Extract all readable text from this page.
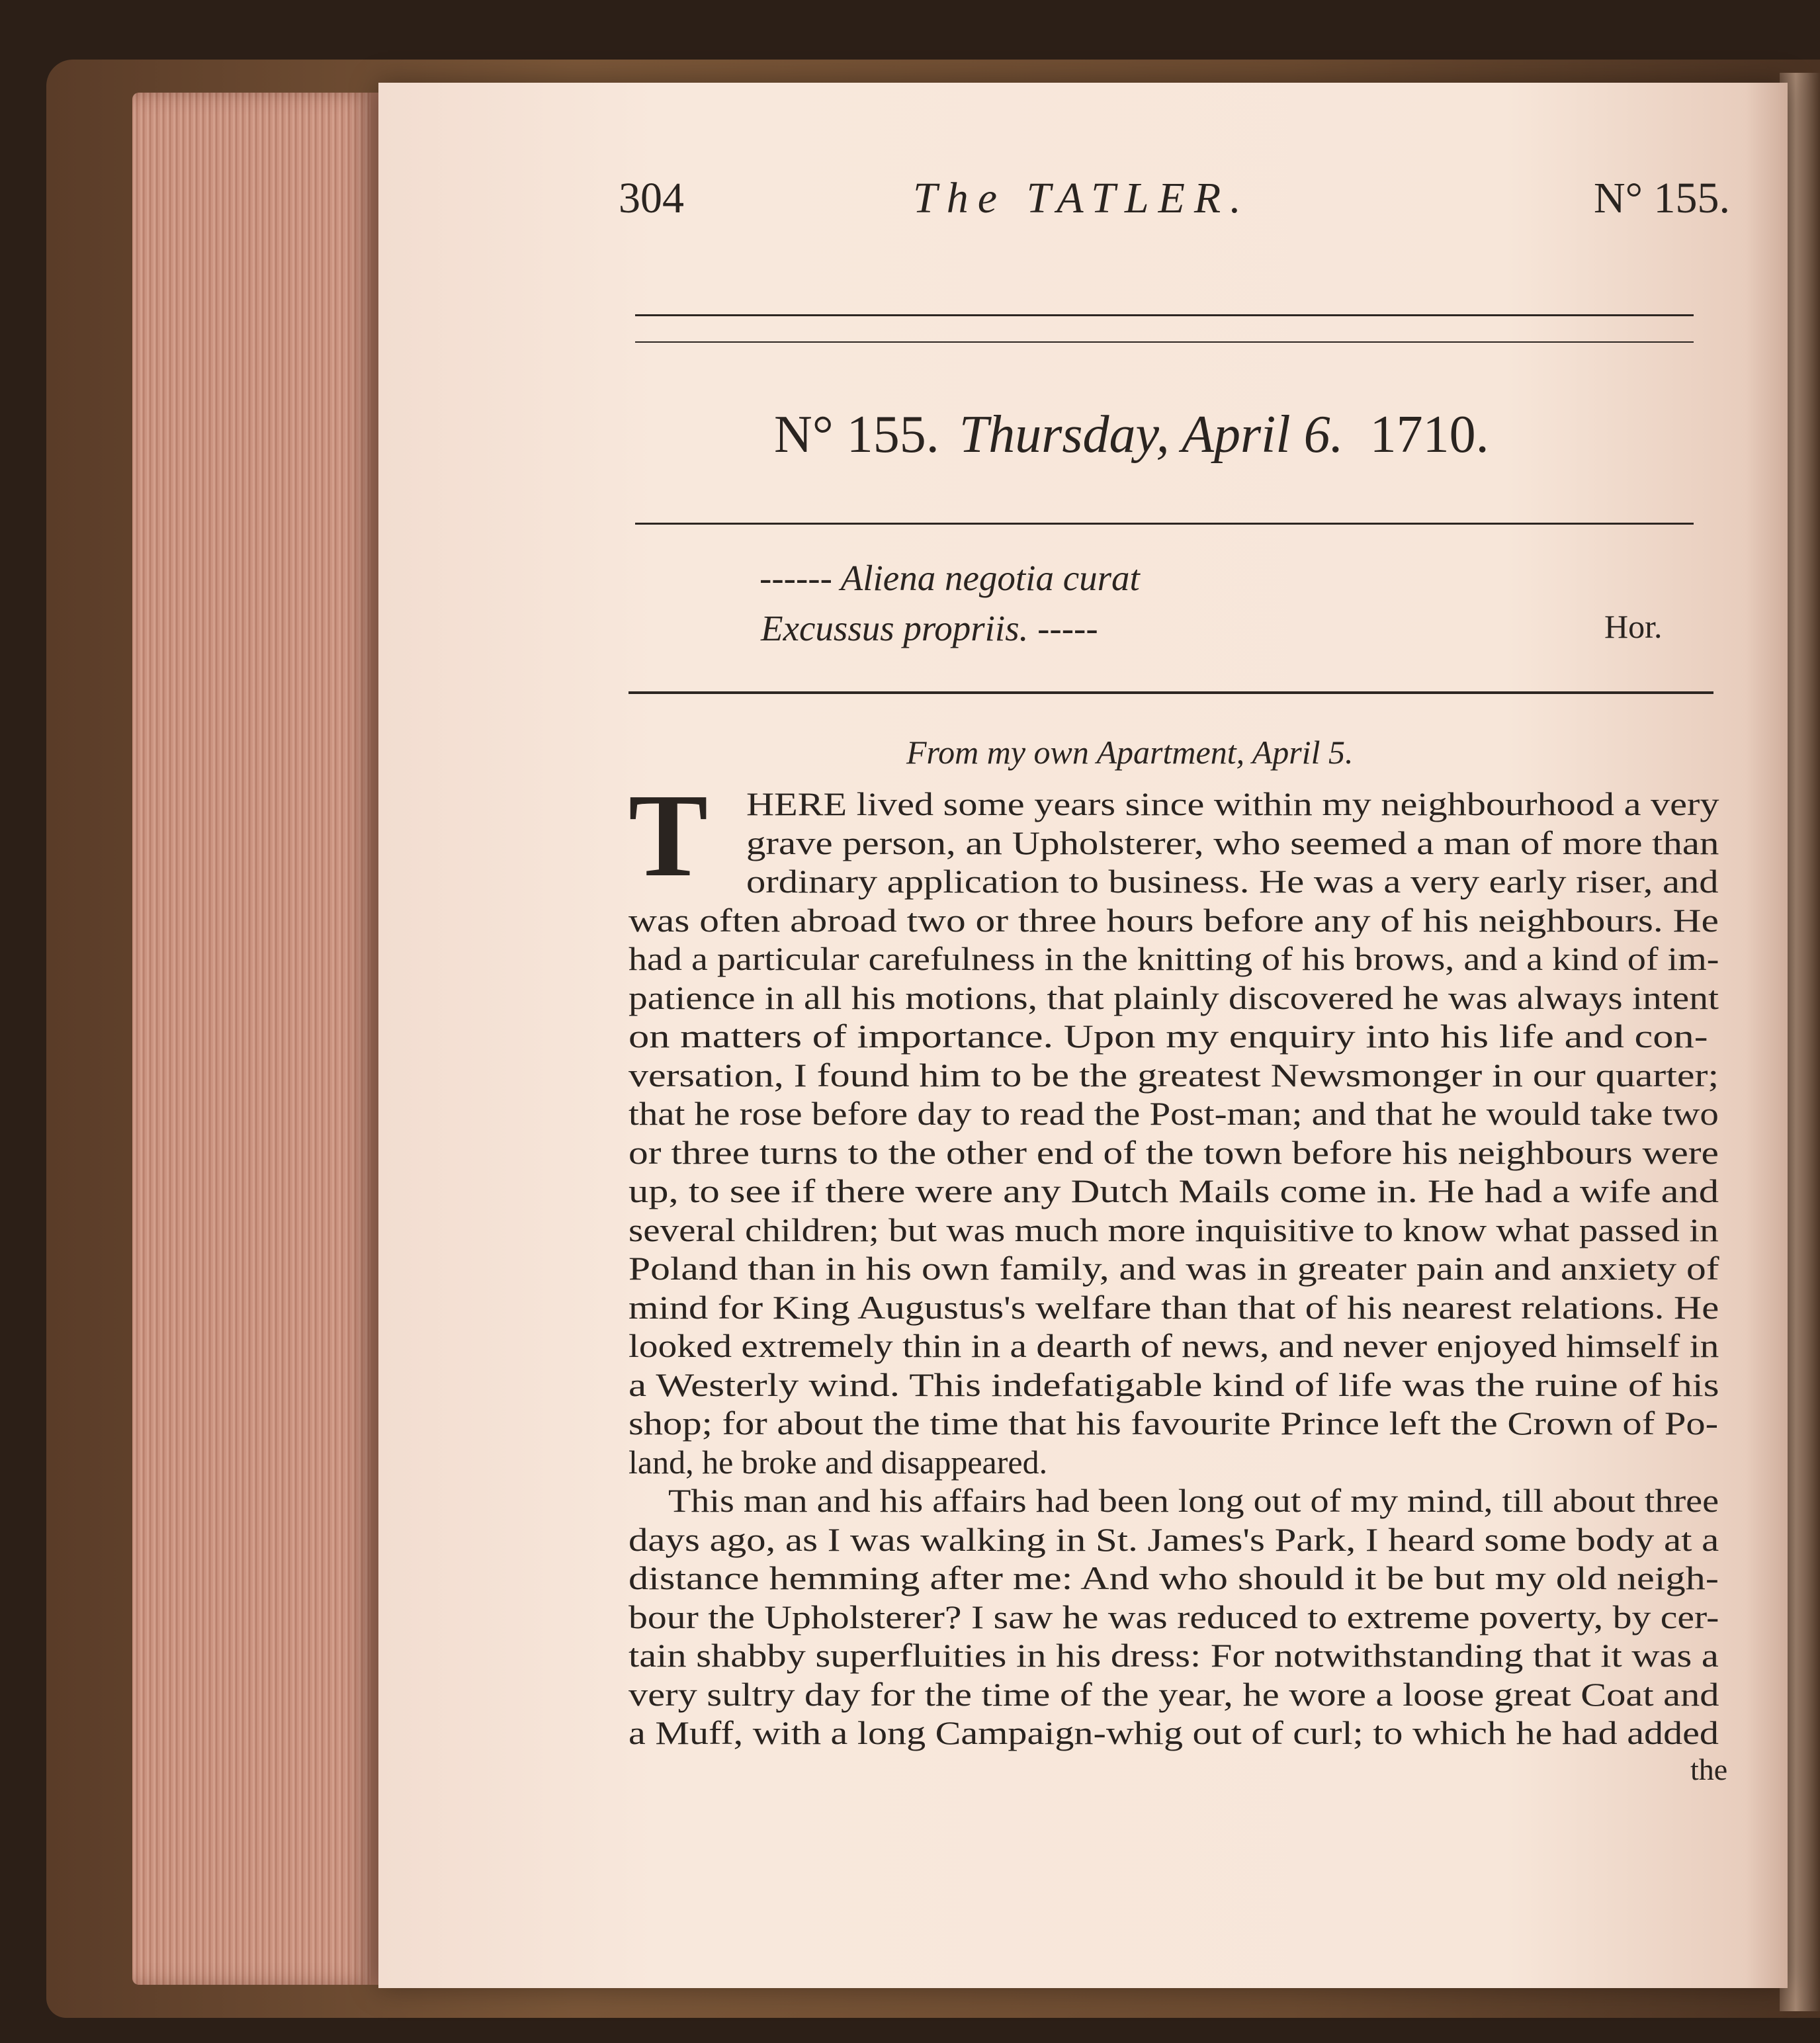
304	The TATLER.	N° 155.
N° 155. Thursday, April 6. 1710.
------ Aliena negotia curat
Excussus propriis. -----	Hor.
From my own Apartment, April 5.
T HERE lived some years since within my neighbourhood a very
grave person, an Upholsterer, who seemed a man of more than
ordinary application to business. He was a very early riser, and
was often abroad two or three hours before any of his neighbours. He
had a particular carefulness in the knitting of his brows, and a kind of im-
patience in all his motions, that plainly discovered he was always intent
on matters of importance. Upon my enquiry into his life and con-
versation, I found him to be the greatest Newsmonger in our quarter;
that he rose before day to read the Post-man; and that he would take two
or three turns to the other end of the town before his neighbours were
up, to see if there were any Dutch Mails come in. He had a wife and
several children; but was much more inquisitive to know what passed in
Poland than in his own family, and was in greater pain and anxiety of
mind for King Augustus's welfare than that of his nearest relations. He
looked extremely thin in a dearth of news, and never enjoyed himself in
a Westerly wind. This indefatigable kind of life was the ruine of his
shop; for about the time that his favourite Prince left the Crown of Po-
land, he broke and disappeared.
This man and his affairs had been long out of my mind, till about three
days ago, as I was walking in St. James's Park, I heard some body at a
distance hemming after me: And who should it be but my old neigh-
bour the Upholsterer? I saw he was reduced to extreme poverty, by cer-
tain shabby superfluities in his dress: For notwithstanding that it was a
very sultry day for the time of the year, he wore a loose great Coat and
a Muff, with a long Campaign-whig out of curl; to which he had added
the
